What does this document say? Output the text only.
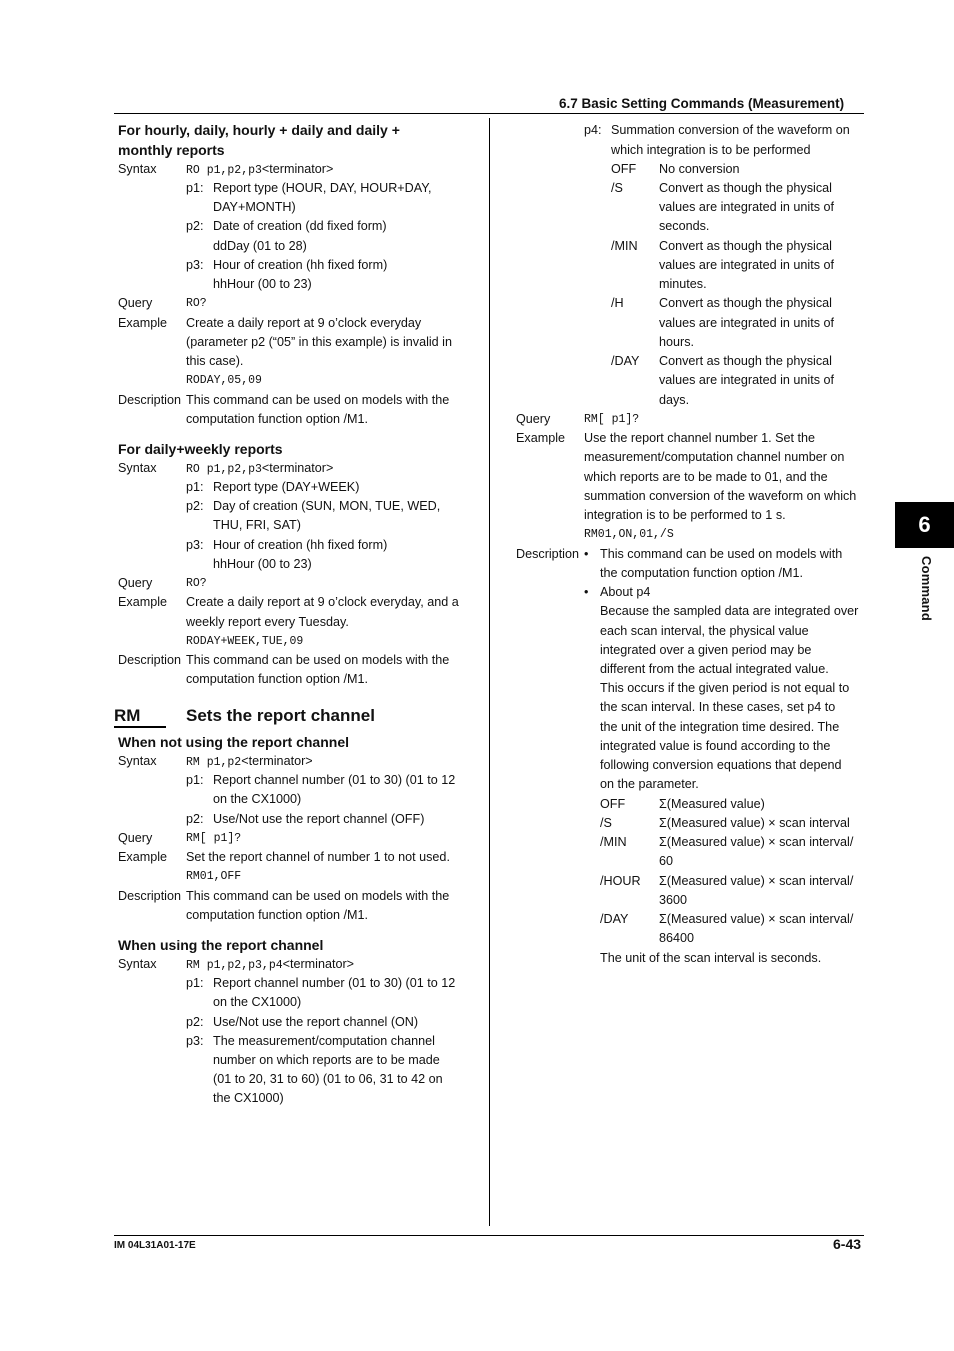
6.7 Basic Setting Commands (Measurement)
6
Command
For hourly, daily, hourly + daily and daily +
monthly reports
Syntax	RO p1,p2,p3<terminator>
p1: Report type (HOUR, DAY, HOUR+DAY,
DAY+MONTH)
p2: Date of creation (dd fixed form)
ddDay (01 to 28)
p3: Hour of creation (hh fixed form)
hhHour (00 to 23)
Query	RO?
Example Create a daily report at 9 o’clock everyday
(parameter p2 (“05” in this example) is invalid in
this case).
RODAY,05,09
Description This command can be used on models with the
computation function option /M1.
For daily+weekly reports
Syntax	RO p1,p2,p3<terminator>
p1: Report type (DAY+WEEK)
p2: Day of creation (SUN, MON, TUE, WED,
THU, FRI, SAT)
p3: Hour of creation (hh fixed form)
hhHour (00 to 23)
Query	RO?
Example Create a daily report at 9 o’clock everyday, and a
weekly report every Tuesday.
RODAY+WEEK,TUE,09
Description This command can be used on models with the
computation function option /M1.
RM	Sets the report channel
When not using the report channel
Syntax	RM p1,p2<terminator>
p1: Report channel number (01 to 30) (01 to 12
on the CX1000)
p2: Use/Not use the report channel (OFF)
Query	RM[ p1]?
Example Set the report channel of number 1 to not used.
RM01,OFF
Description This command can be used on models with the
computation function option /M1.
When using the report channel
Syntax	RM p1,p2,p3,p4<terminator>
p1: Report channel number (01 to 30) (01 to 12
on the CX1000)
p2: Use/Not use the report channel (ON)
p3: The measurement/computation channel
number on which reports are to be made
(01 to 20, 31 to 60) (01 to 06, 31 to 42 on
the CX1000)
p4: Summation conversion of the waveform on
which integration is to be performed
OFF No conversion
/S	Convert as though the physical
values are integrated in units of
seconds.
/MIN Convert as though the physical
values are integrated in units of
minutes.
/H	Convert as though the physical
values are integrated in units of
hours.
/DAY Convert as though the physical
values are integrated in units of
days.
Query	RM[ p1]?
Example Use the report channel number 1. Set the
measurement/computation channel number on
which reports are to be made to 01, and the
summation conversion of the waveform on which
integration is to be performed to 1 s.
RM01,ON,01,/S
Description • This command can be used on models with
the computation function option /M1.
• About p4
Because the sampled data are integrated over
each scan interval, the physical value
integrated over a given period may be
different from the actual integrated value.
This occurs if the given period is not equal to
the scan interval. In these cases, set p4 to
the unit of the integration time desired. The
integrated value is found according to the
following conversion equations that depend
on the parameter.
OFF	Σ(Measured value)
/S	Σ(Measured value) × scan interval
/MIN	Σ(Measured value) × scan interval/
60
/HOUR Σ(Measured value) × scan interval/
3600
/DAY Σ(Measured value) × scan interval/
86400
The unit of the scan interval is seconds.
IM 04L31A01-17E	6-43
